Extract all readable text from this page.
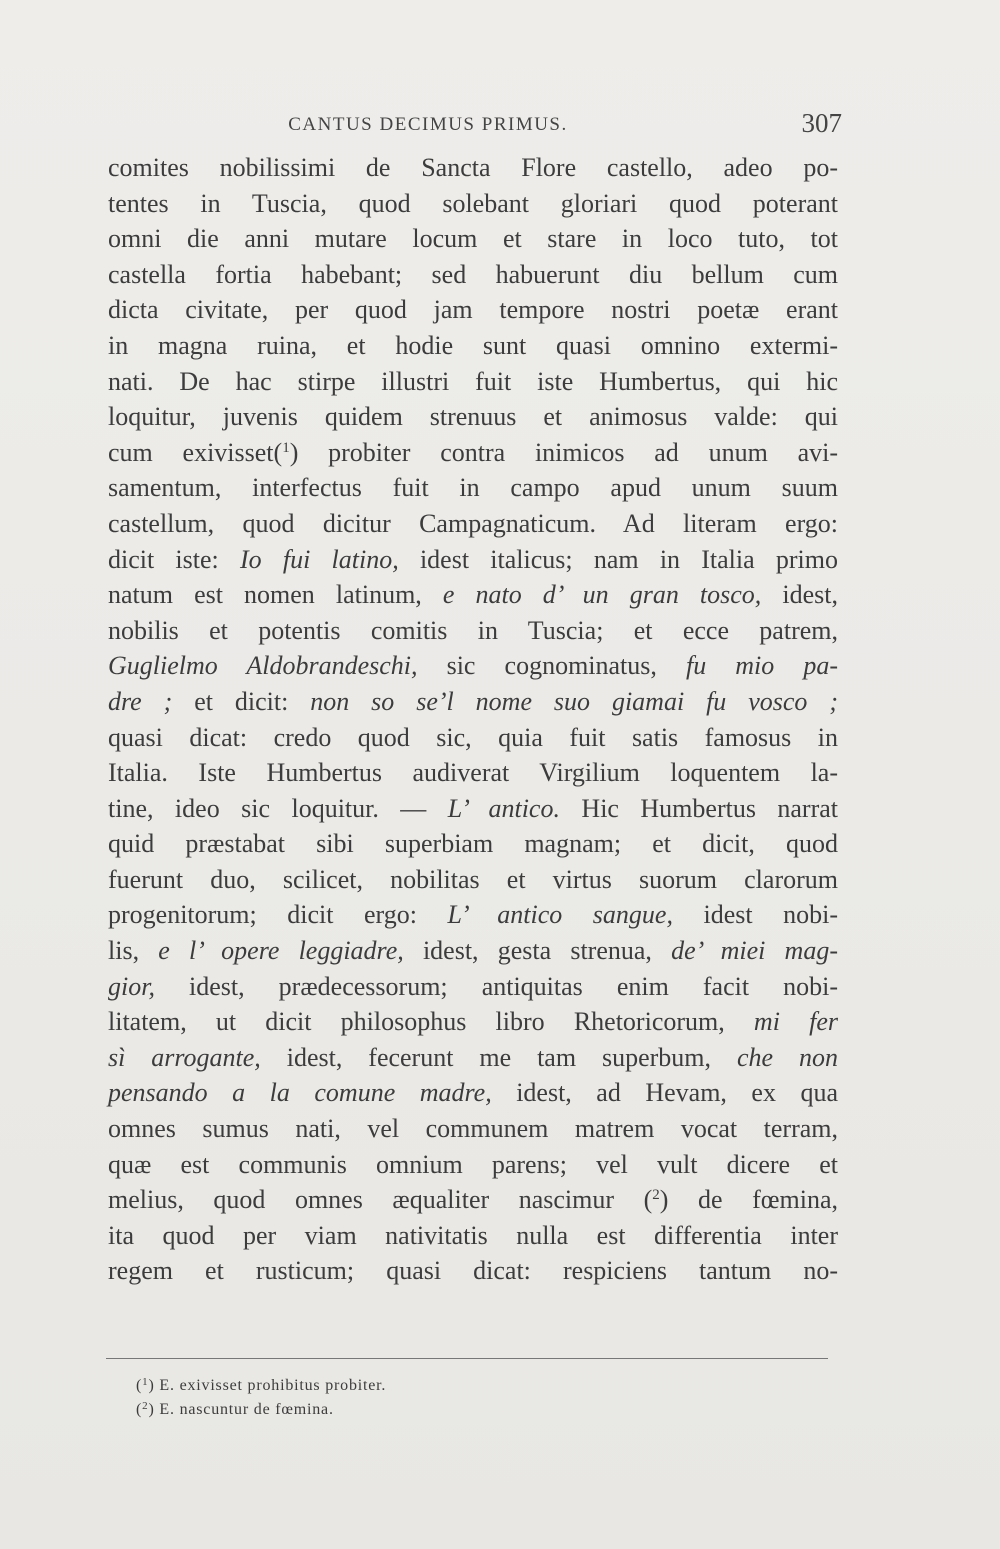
CANTUS DECIMUS PRIMUS.	307
comites nobilissimi de Sancta Flore castello, adeo po-
tentes in Tuscia, quod solebant gloriari quod poterant
omni die anni mutare locum et stare in loco tuto, tot
castella fortia habebant; sed habuerunt diu bellum cum
dicta civitate, per quod jam tempore nostri poetæ erant
in magna ruina, et hodie sunt quasi omnino extermi-
nati. De hac stirpe illustri fuit iste Humbertus, qui hic
loquitur, juvenis quidem strenuus et animosus valde: qui
cum exivisset($^1$) probiter contra inimicos ad unum avi-
samentum, interfectus fuit in campo apud unum suum
castellum, quod dicitur Campagnaticum. Ad literam ergo:
dicit iste: Io fui latino, idest italicus; nam in Italia primo
natum est nomen latinum, e nato d’ un gran tosco, idest,
nobilis et potentis comitis in Tuscia; et ecce patrem,
Guglielmo Aldobrandeschi, sic cognominatus, fu mio pa-
dre ; et dicit: non so se’l nome suo giamai fu vosco ;
quasi dicat: credo quod sic, quia fuit satis famosus in
Italia. Iste Humbertus audiverat Virgilium loquentem la-
tine, ideo sic loquitur. — L’ antico. Hic Humbertus narrat
quid præstabat sibi superbiam magnam; et dicit, quod
fuerunt duo, scilicet, nobilitas et virtus suorum clarorum
progenitorum; dicit ergo: L’ antico sangue, idest nobi-
lis, e l’ opere leggiadre, idest, gesta strenua, de’ miei mag-
gior, idest, prædecessorum; antiquitas enim facit nobi-
litatem, ut dicit philosophus libro Rhetoricorum, mi fer
sì arrogante, idest, fecerunt me tam superbum, che non
pensando a la comune madre, idest, ad Hevam, ex qua
omnes sumus nati, vel communem matrem vocat terram,
quæ est communis omnium parens; vel vult dicere et
melius, quod omnes æqualiter nascimur ($^2$) de fœmina,
ita quod per viam nativitatis nulla est differentia inter
regem et rusticum; quasi dicat: respiciens tantum no-
($^1$) E. exivisset prohibitus probiter.
($^2$) E. nascuntur de fœmina.
